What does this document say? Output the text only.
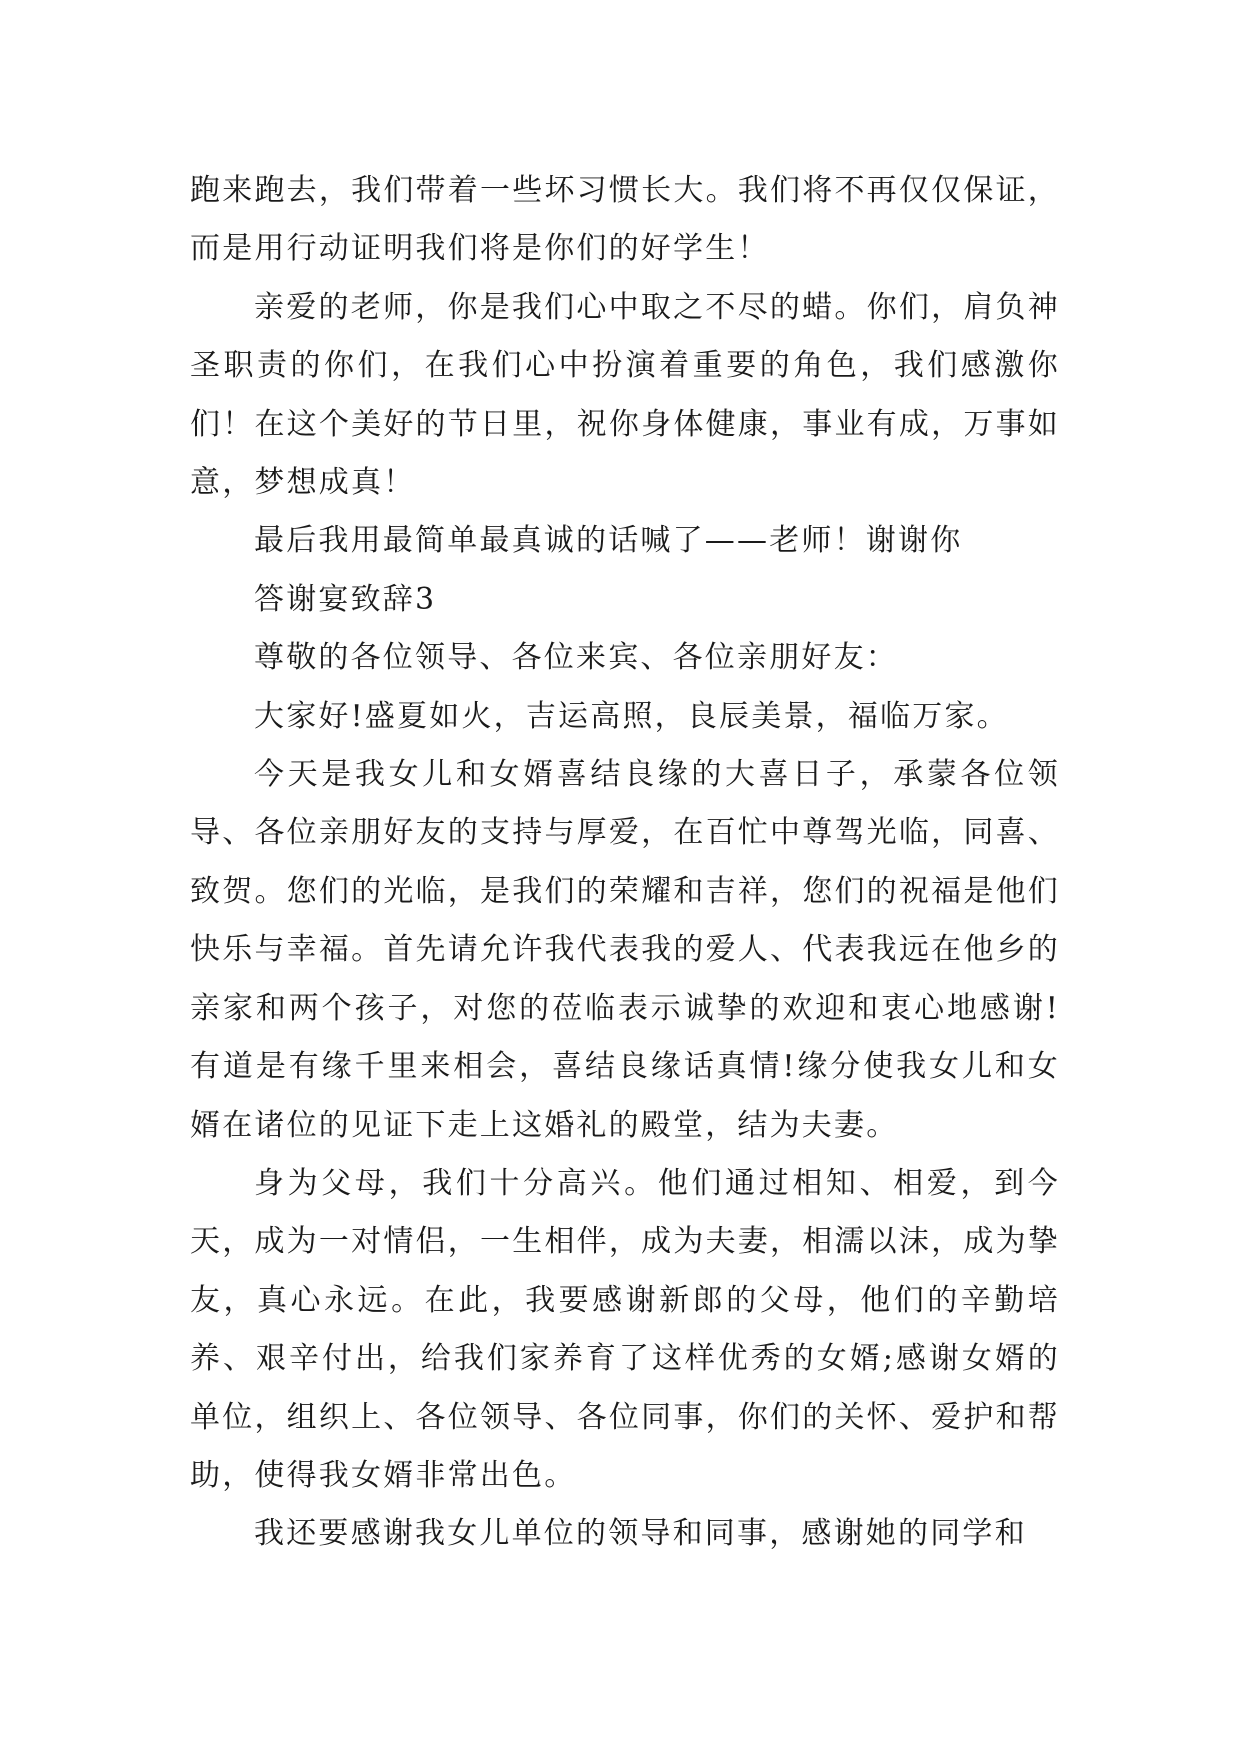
跑来跑去，我们带着一些坏习惯长大。我们将不再仅仅保证，而是用行动证明我们将是你们的好学生！

亲爱的老师，你是我们心中取之不尽的蜡。你们，肩负神圣职责的你们，在我们心中扮演着重要的角色，我们感激你们！在这个美好的节日里，祝你身体健康，事业有成，万事如意，梦想成真！

最后我用最简单最真诚的话喊了——老师！谢谢你

答谢宴致辞3

尊敬的各位领导、各位来宾、各位亲朋好友：

大家好!盛夏如火，吉运高照，良辰美景，福临万家。

今天是我女儿和女婿喜结良缘的大喜日子，承蒙各位领导、各位亲朋好友的支持与厚爱，在百忙中尊驾光临，同喜、致贺。您们的光临，是我们的荣耀和吉祥，您们的祝福是他们快乐与幸福。首先请允许我代表我的爱人、代表我远在他乡的亲家和两个孩子，对您的莅临表示诚挚的欢迎和衷心地感谢!有道是有缘千里来相会，喜结良缘话真情!缘分使我女儿和女婿在诸位的见证下走上这婚礼的殿堂，结为夫妻。

身为父母，我们十分高兴。他们通过相知、相爱，到今天，成为一对情侣，一生相伴，成为夫妻，相濡以沫，成为挚友，真心永远。在此，我要感谢新郎的父母，他们的辛勤培养、艰辛付出，给我们家养育了这样优秀的女婿;感谢女婿的单位，组织上、各位领导、各位同事，你们的关怀、爱护和帮助，使得我女婿非常出色。

我还要感谢我女儿单位的领导和同事，感谢她的同学和
